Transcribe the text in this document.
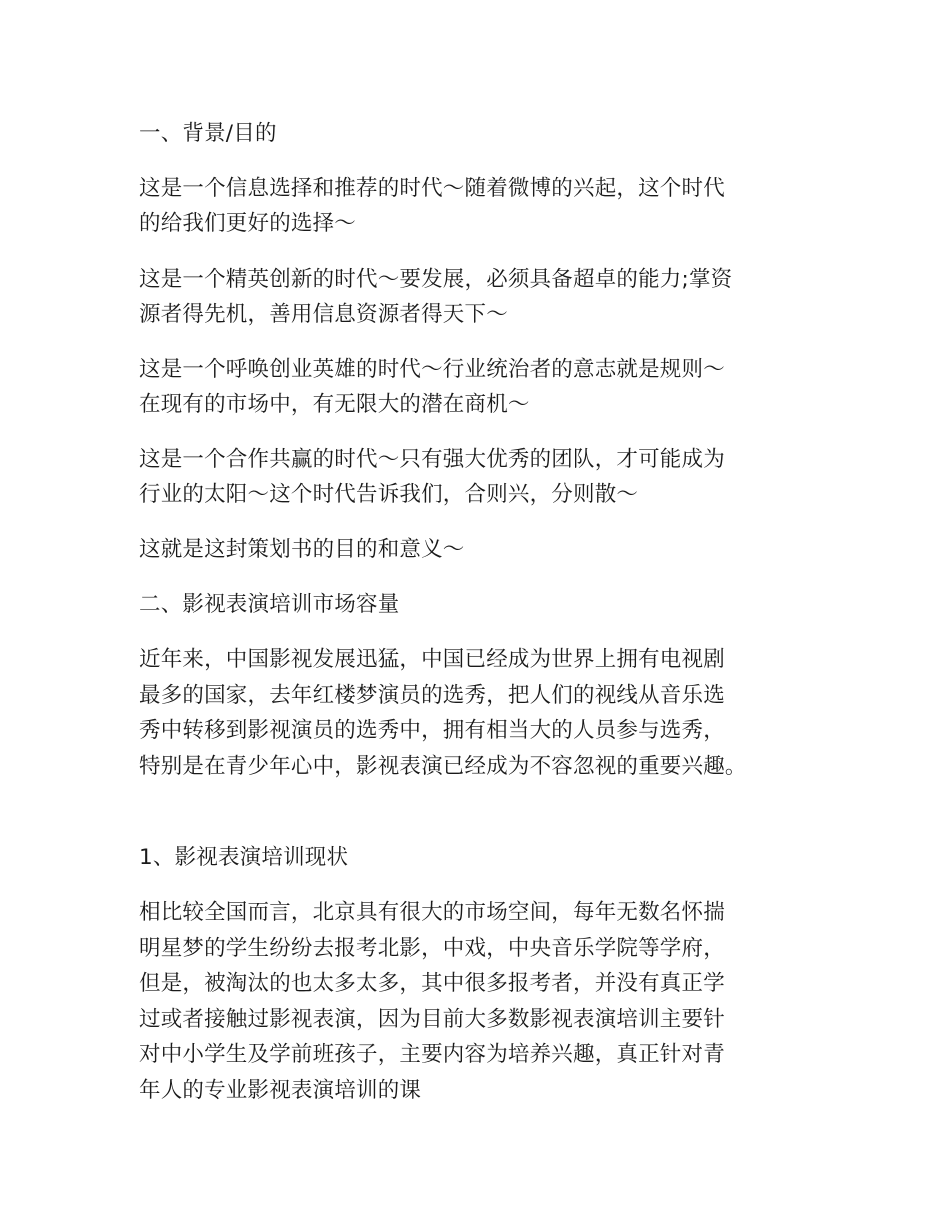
一、背景/目的

这是一个信息选择和推荐的时代～随着微博的兴起，这个时代

的给我们更好的选择～

这是一个精英创新的时代～要发展，必须具备超卓的能力;掌资

源者得先机，善用信息资源者得天下～

这是一个呼唤创业英雄的时代～行业统治者的意志就是规则～

在现有的市场中，有无限大的潜在商机～

这是一个合作共赢的时代～只有强大优秀的团队，才可能成为

行业的太阳～这个时代告诉我们，合则兴，分则散～

这就是这封策划书的目的和意义～

二、影视表演培训市场容量

近年来，中国影视发展迅猛，中国已经成为世界上拥有电视剧

最多的国家，去年红楼梦演员的选秀，把人们的视线从音乐选

秀中转移到影视演员的选秀中，拥有相当大的人员参与选秀，

特别是在青少年心中，影视表演已经成为不容忽视的重要兴趣。

1、影视表演培训现状

相比较全国而言，北京具有很大的市场空间，每年无数名怀揣

明星梦的学生纷纷去报考北影，中戏，中央音乐学院等学府，

但是，被淘汰的也太多太多，其中很多报考者，并没有真正学

过或者接触过影视表演，因为目前大多数影视表演培训主要针

对中小学生及学前班孩子，主要内容为培养兴趣，真正针对青

年人的专业影视表演培训的课
